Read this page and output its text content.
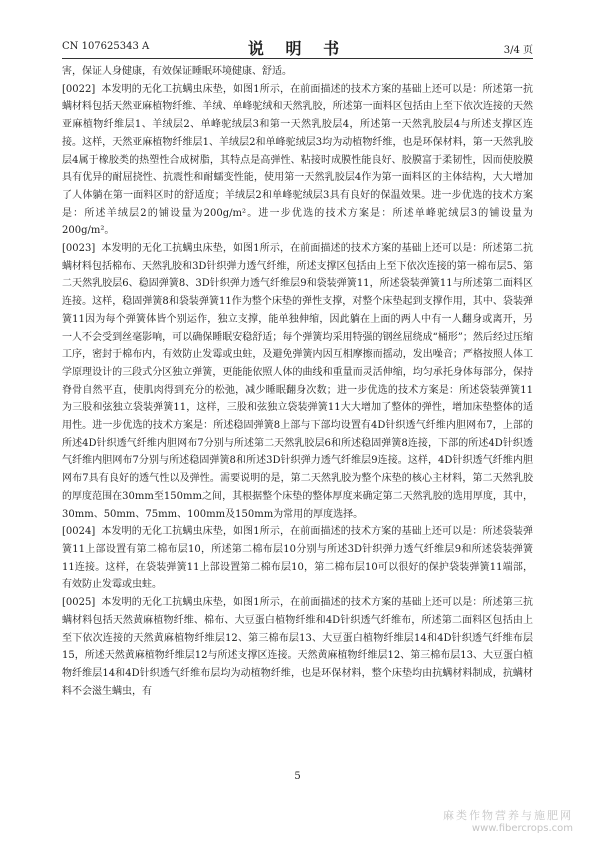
CN 107625343 A	说 明 书	3/4 页

害，保证人身健康，有效保证睡眠环境健康、舒适。

[0022] 本发明的无化工抗螨虫床垫，如图1所示，在前面描述的技术方案的基础上还可以是：所述第一抗螨材料包括天然亚麻植物纤维、羊绒、单峰驼绒和天然乳胶，所述第一面料区包括由上至下依次连接的天然亚麻植物纤维层1、羊绒层2、单峰驼绒层3和第一天然乳胶层4，所述第一天然乳胶层4与所述支撑区连接。这样，天然亚麻植物纤维层1、羊绒层2和单峰驼绒层3均为动植物纤维，也是环保材料，第一天然乳胶层4属于橡胶类的热塑性合成树脂，其特点是高弹性、粘接时成膜性能良好、胶膜富于柔韧性，因而使胶膜具有优异的耐屈挠性、抗震性和耐蠕变性能，使用第一天然乳胶层4作为第一面料区的主体结构，大大增加了人体躺在第一面料区时的舒适度；羊绒层2和单峰驼绒层3具有良好的保温效果。进一步优选的技术方案是：所述羊绒层2的铺设量为200g/m²。进一步优选的技术方案是：所述单峰驼绒层3的铺设量为200g/m²。

[0023] 本发明的无化工抗螨虫床垫，如图1所示，在前面描述的技术方案的基础上还可以是：所述第二抗螨材料包括棉布、天然乳胶和3D针织弹力透气纤维，所述支撑区包括由上至下依次连接的第一棉布层5、第二天然乳胶层6、稳固弹簧8、3D针织弹力透气纤维层9和袋装弹簧11，所述袋装弹簧11与所述第二面料区连接。这样，稳固弹簧8和袋装弹簧11作为整个床垫的弹性支撑，对整个床垫起到支撑作用，其中、袋装弹簧11因为每个弹簧体皆个别运作，独立支撑，能单独伸缩，因此躺在上面的两人中有一人翻身或离开，另一人不会受到丝毫影响，可以确保睡眠安稳舒适；每个弹簧均采用特强的钢丝屈绕成“桶形”；然后经过压缩工序，密封于棉布内，有效防止发霉或虫蛀，及避免弹簧内因互相摩擦而摇动，发出噪音；严格按照人体工学原理设计的三段式分区独立弹簧，更能能依照人体的曲线和重量而灵活伸缩，均匀承托身体每部分，保持脊骨自然平直，使肌肉得到充分的松弛，减少睡眠翻身次数；进一步优选的技术方案是：所述袋装弹簧11为三股和弦独立袋装弹簧11，这样，三股和弦独立袋装弹簧11大大增加了整体的弹性，增加床垫整体的适用性。进一步优选的技术方案是：所述稳固弹簧8上部与下部均设置有4D针织透气纤维内胆网布7，上部的所述4D针织透气纤维内胆网布7分别与所述第二天然乳胶层6和所述稳固弹簧8连接，下部的所述4D针织透气纤维内胆网布7分别与所述稳固弹簧8和所述3D针织弹力透气纤维层9连接。这样，4D针织透气纤维内胆网布7具有良好的透气性以及弹性。需要说明的是，第二天然乳胶为整个床垫的核心主材料，第二天然乳胶的厚度范围在30mm至150mm之间，其根据整个床垫的整体厚度来确定第二天然乳胶的选用厚度，其中，30mm、50mm、75mm、100mm及150mm为常用的厚度选择。

[0024] 本发明的无化工抗螨虫床垫，如图1所示，在前面描述的技术方案的基础上还可以是：所述袋装弹簧11上部设置有第二棉布层10，所述第二棉布层10分别与所述3D针织弹力透气纤维层9和所述袋装弹簧11连接。这样，在袋装弹簧11上部设置第二棉布层10，第二棉布层10可以很好的保护袋装弹簧11端部，有效防止发霉或虫蛀。

[0025] 本发明的无化工抗螨虫床垫，如图1所示，在前面描述的技术方案的基础上还可以是：所述第三抗螨材料包括天然黄麻植物纤维、棉布、大豆蛋白植物纤维和4D针织透气纤维布，所述第二面料区包括由上至下依次连接的天然黄麻植物纤维层12、第三棉布层13、大豆蛋白植物纤维层14和4D针织透气纤维布层15，所述天然黄麻植物纤维层12与所述支撑区连接。天然黄麻植物纤维层12、第三棉布层13、大豆蛋白植物纤维层14和4D针织透气纤维布层均为动植物纤维，也是环保材料，整个床垫均由抗螨材料制成，抗螨材料不会滋生螨虫，有

5
麻类作物营养与施肥网
www.fibercrops.com
